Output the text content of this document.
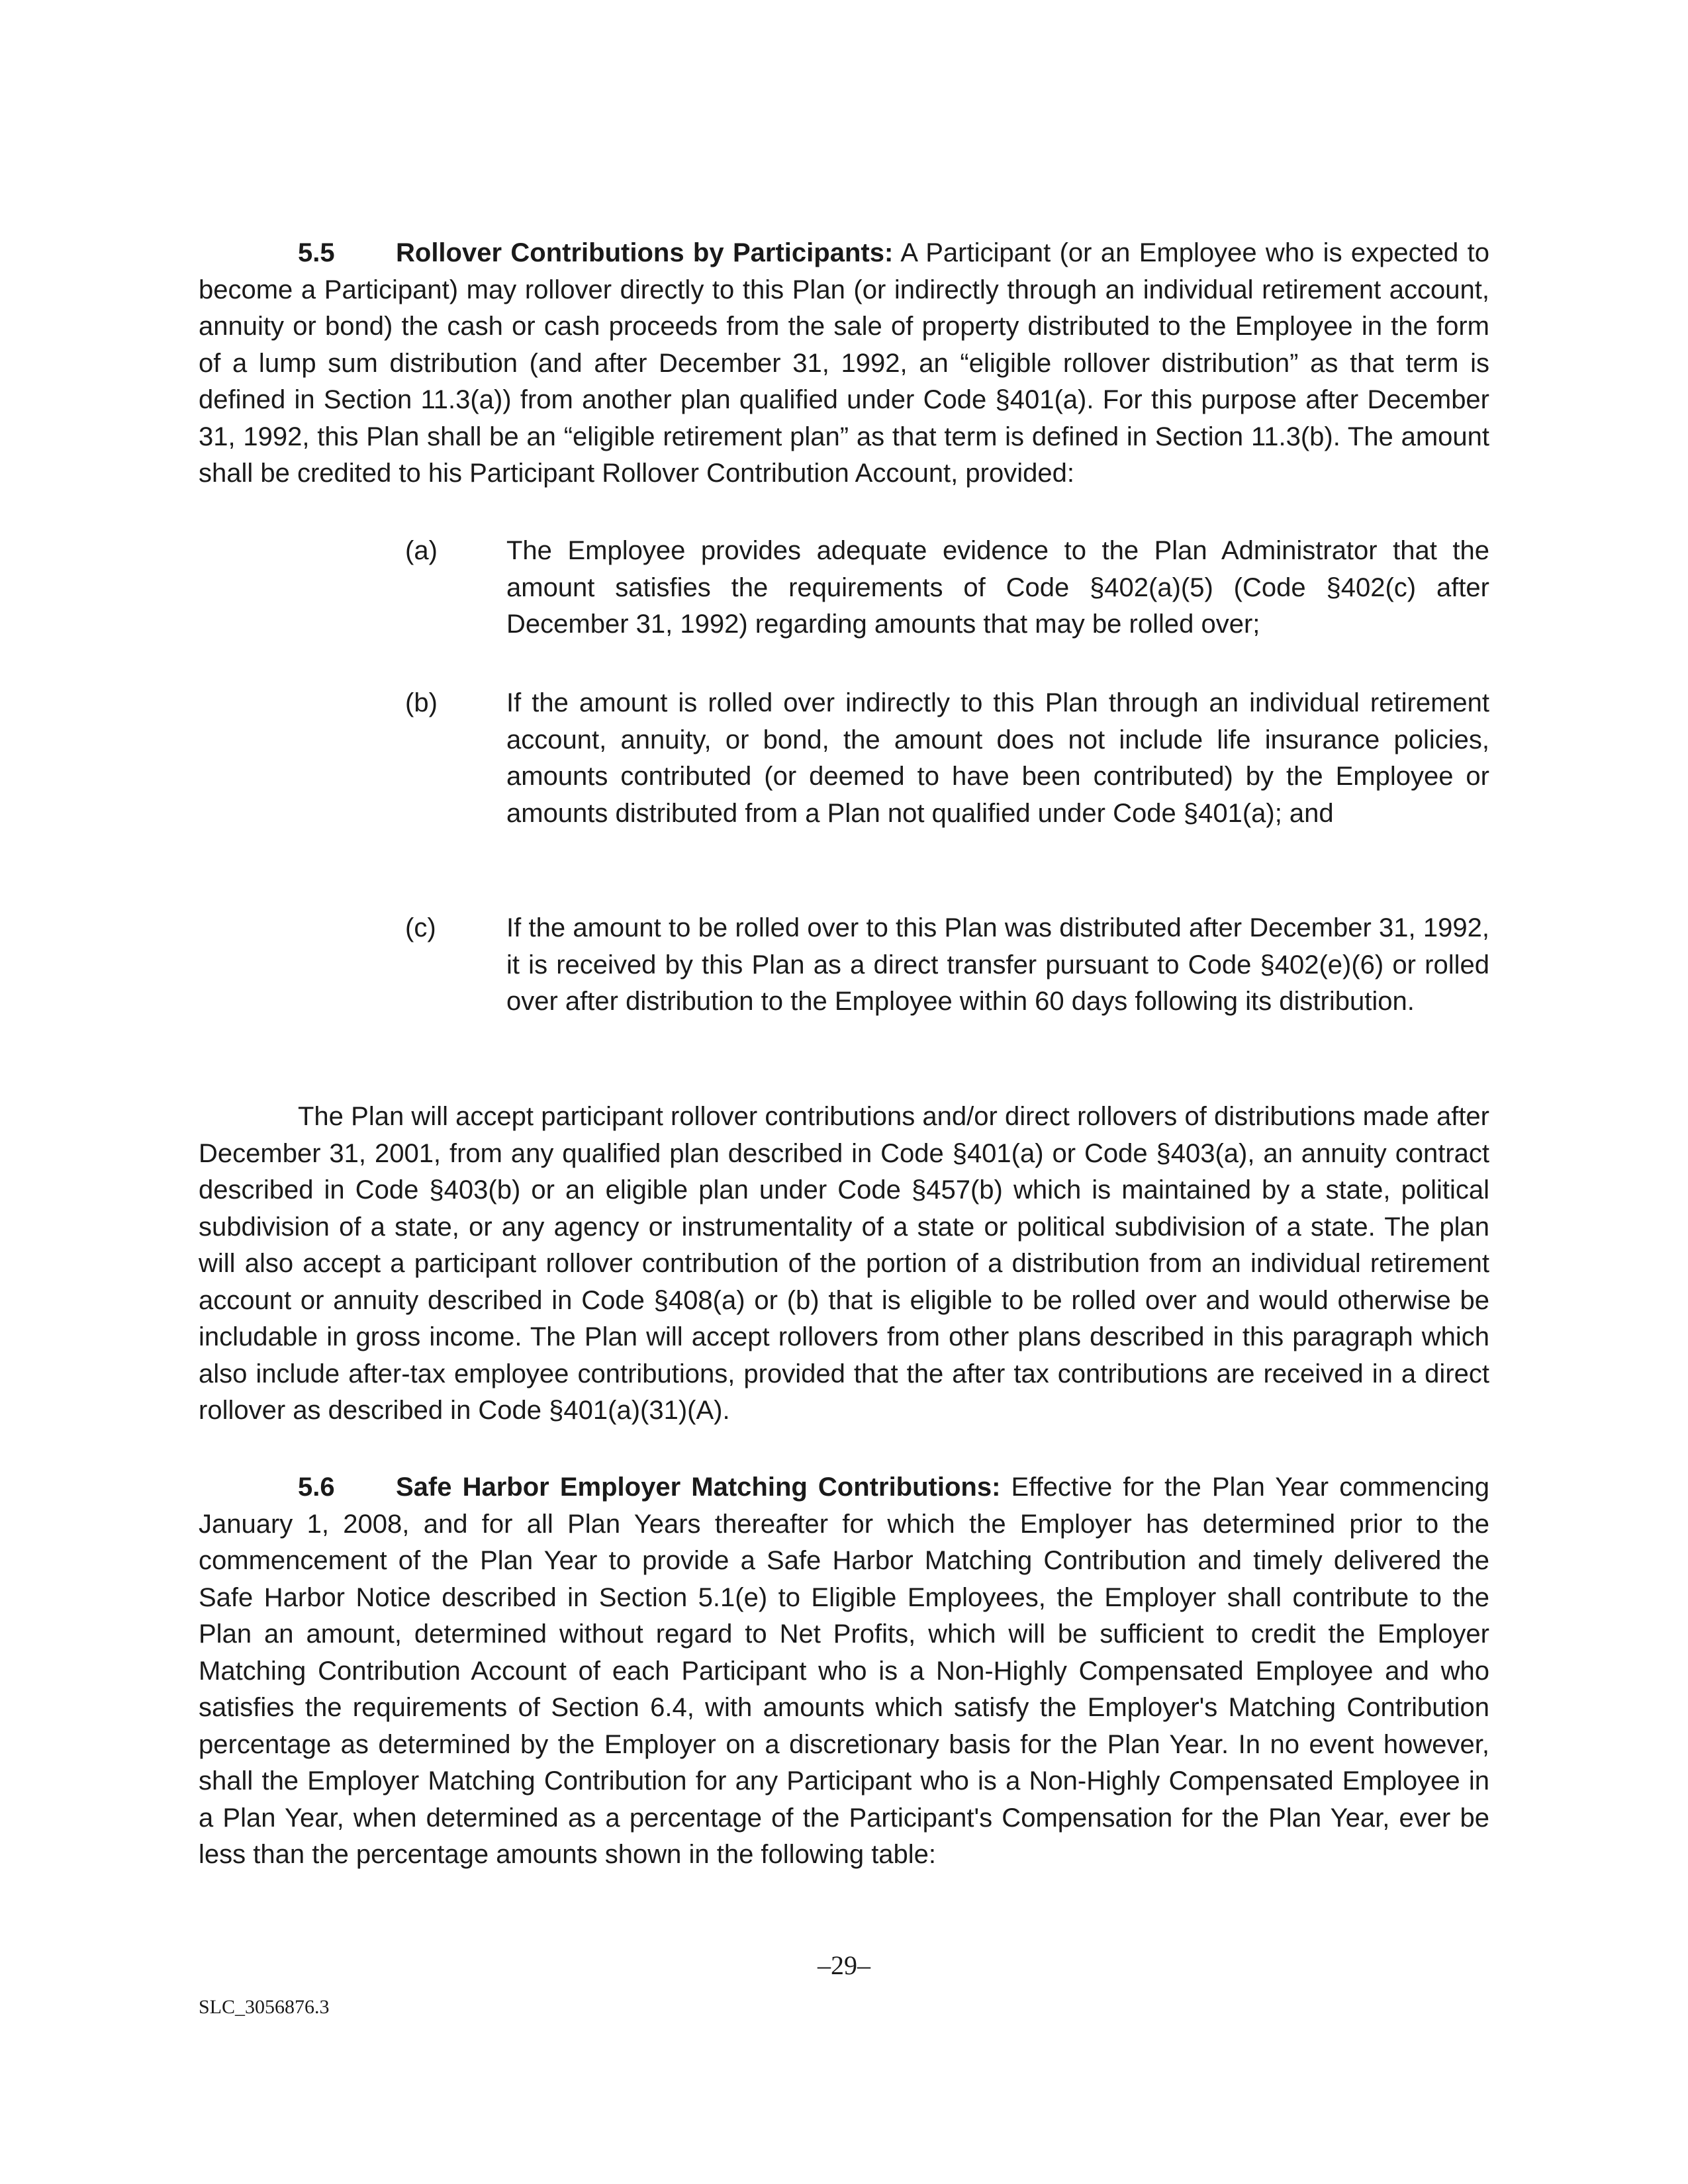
5.5 Rollover Contributions by Participants: A Participant (or an Employee who is expected to become a Participant) may rollover directly to this Plan (or indirectly through an individual retirement account, annuity or bond) the cash or cash proceeds from the sale of property distributed to the Employee in the form of a lump sum distribution (and after December 31, 1992, an “eligible rollover distribution” as that term is defined in Section 11.3(a)) from another plan qualified under Code §401(a). For this purpose after December 31, 1992, this Plan shall be an “eligible retirement plan” as that term is defined in Section 11.3(b). The amount shall be credited to his Participant Rollover Contribution Account, provided:

(a)	The Employee provides adequate evidence to the Plan Administrator that the amount satisfies the requirements of Code §402(a)(5) (Code §402(c) after December 31, 1992) regarding amounts that may be rolled over;

(b)	If the amount is rolled over indirectly to this Plan through an individual retirement account, annuity, or bond, the amount does not include life insurance policies, amounts contributed (or deemed to have been contributed) by the Employee or amounts distributed from a Plan not qualified under Code §401(a); and

(c)	If the amount to be rolled over to this Plan was distributed after December 31, 1992, it is received by this Plan as a direct transfer pursuant to Code §402(e)(6) or rolled over after distribution to the Employee within 60 days following its distribution.

The Plan will accept participant rollover contributions and/or direct rollovers of distributions made after December 31, 2001, from any qualified plan described in Code §401(a) or Code §403(a), an annuity contract described in Code §403(b) or an eligible plan under Code §457(b) which is maintained by a state, political subdivision of a state, or any agency or instrumentality of a state or political subdivision of a state. The plan will also accept a participant rollover contribution of the portion of a distribution from an individual retirement account or annuity described in Code §408(a) or (b) that is eligible to be rolled over and would otherwise be includable in gross income. The Plan will accept rollovers from other plans described in this paragraph which also include after-tax employee contributions, provided that the after tax contributions are received in a direct rollover as described in Code §401(a)(31)(A).

5.6 Safe Harbor Employer Matching Contributions: Effective for the Plan Year commencing January 1, 2008, and for all Plan Years thereafter for which the Employer has determined prior to the commencement of the Plan Year to provide a Safe Harbor Matching Contribution and timely delivered the Safe Harbor Notice described in Section 5.1(e) to Eligible Employees, the Employer shall contribute to the Plan an amount, determined without regard to Net Profits, which will be sufficient to credit the Employer Matching Contribution Account of each Participant who is a Non-Highly Compensated Employee and who satisfies the requirements of Section 6.4, with amounts which satisfy the Employer's Matching Contribution percentage as determined by the Employer on a discretionary basis for the Plan Year. In no event however, shall the Employer Matching Contribution for any Participant who is a Non-Highly Compensated Employee in a Plan Year, when determined as a percentage of the Participant's Compensation for the Plan Year, ever be less than the percentage amounts shown in the following table:

–29–
SLC_3056876.3
